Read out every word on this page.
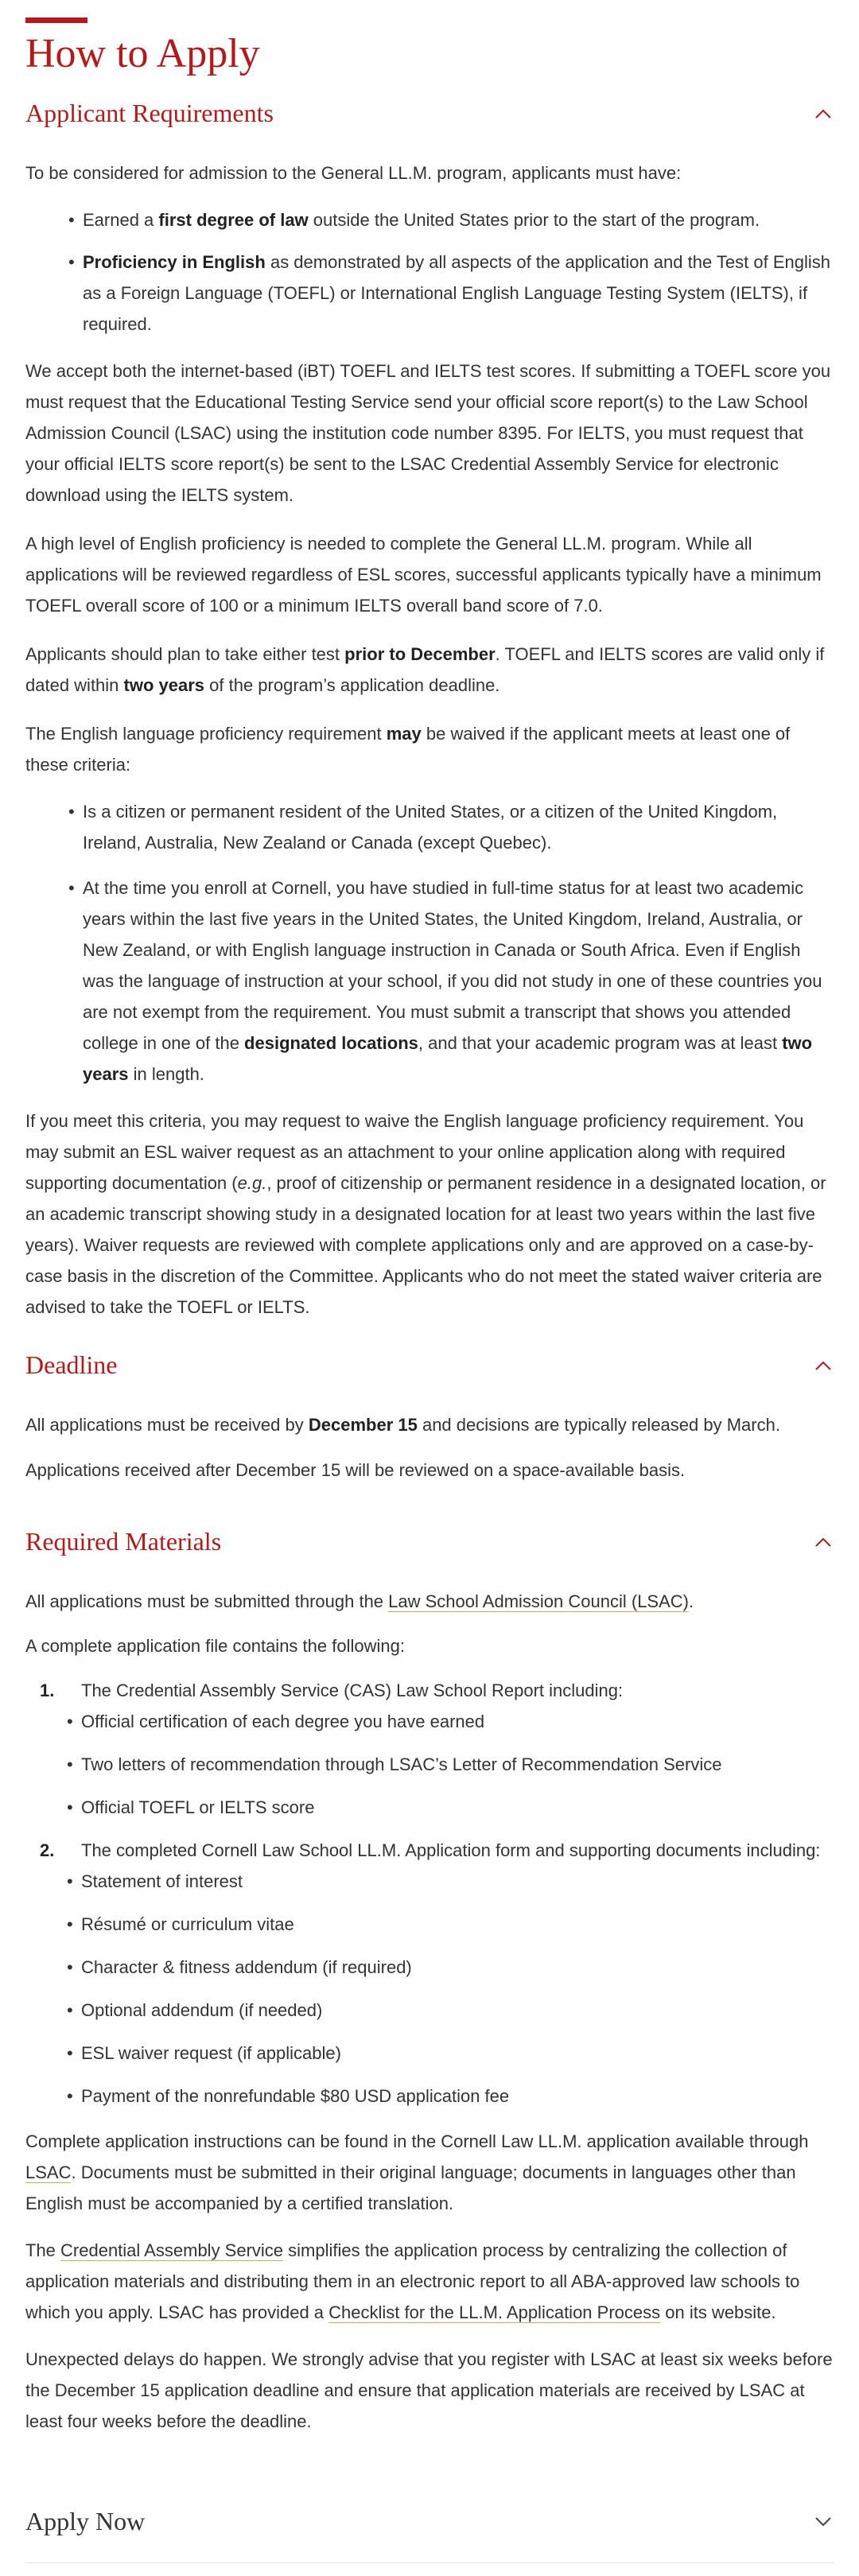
How to Apply
Applicant Requirements

To be considered for admission to the General LL.M. program, applicants must have:

• Earned a first degree of law outside the United States prior to the start of the program.
• Proficiency in English as demonstrated by all aspects of the application and the Test of English as a Foreign Language (TOEFL) or International English Language Testing System (IELTS), if required.

We accept both the internet-based (iBT) TOEFL and IELTS test scores. If submitting a TOEFL score you must request that the Educational Testing Service send your official score report(s) to the Law School Admission Council (LSAC) using the institution code number 8395. For IELTS, you must request that your official IELTS score report(s) be sent to the LSAC Credential Assembly Service for electronic download using the IELTS system.

A high level of English proficiency is needed to complete the General LL.M. program. While all applications will be reviewed regardless of ESL scores, successful applicants typically have a minimum TOEFL overall score of 100 or a minimum IELTS overall band score of 7.0.

Applicants should plan to take either test prior to December. TOEFL and IELTS scores are valid only if dated within two years of the program’s application deadline.

The English language proficiency requirement may be waived if the applicant meets at least one of these criteria:

• Is a citizen or permanent resident of the United States, or a citizen of the United Kingdom, Ireland, Australia, New Zealand or Canada (except Quebec).
• At the time you enroll at Cornell, you have studied in full-time status for at least two academic years within the last five years in the United States, the United Kingdom, Ireland, Australia, or New Zealand, or with English language instruction in Canada or South Africa. Even if English was the language of instruction at your school, if you did not study in one of these countries you are not exempt from the requirement. You must submit a transcript that shows you attended college in one of the designated locations, and that your academic program was at least two years in length.

If you meet this criteria, you may request to waive the English language proficiency requirement. You may submit an ESL waiver request as an attachment to your online application along with required supporting documentation (e.g., proof of citizenship or permanent residence in a designated location, or an academic transcript showing study in a designated location for at least two years within the last five years). Waiver requests are reviewed with complete applications only and are approved on a case-by-case basis in the discretion of the Committee. Applicants who do not meet the stated waiver criteria are advised to take the TOEFL or IELTS.

Deadline

All applications must be received by December 15 and decisions are typically released by March.

Applications received after December 15 will be reviewed on a space-available basis.

Required Materials

All applications must be submitted through the Law School Admission Council (LSAC).

A complete application file contains the following:

1. The Credential Assembly Service (CAS) Law School Report including:
• Official certification of each degree you have earned
• Two letters of recommendation through LSAC’s Letter of Recommendation Service
• Official TOEFL or IELTS score
2. The completed Cornell Law School LL.M. Application form and supporting documents including:
• Statement of interest
• Résumé or curriculum vitae
• Character & fitness addendum (if required)
• Optional addendum (if needed)
• ESL waiver request (if applicable)
• Payment of the nonrefundable $80 USD application fee

Complete application instructions can be found in the Cornell Law LL.M. application available through LSAC. Documents must be submitted in their original language; documents in languages other than English must be accompanied by a certified translation.

The Credential Assembly Service simplifies the application process by centralizing the collection of application materials and distributing them in an electronic report to all ABA-approved law schools to which you apply. LSAC has provided a Checklist for the LL.M. Application Process on its website.

Unexpected delays do happen. We strongly advise that you register with LSAC at least six weeks before the December 15 application deadline and ensure that application materials are received by LSAC at least four weeks before the deadline.

Apply Now
